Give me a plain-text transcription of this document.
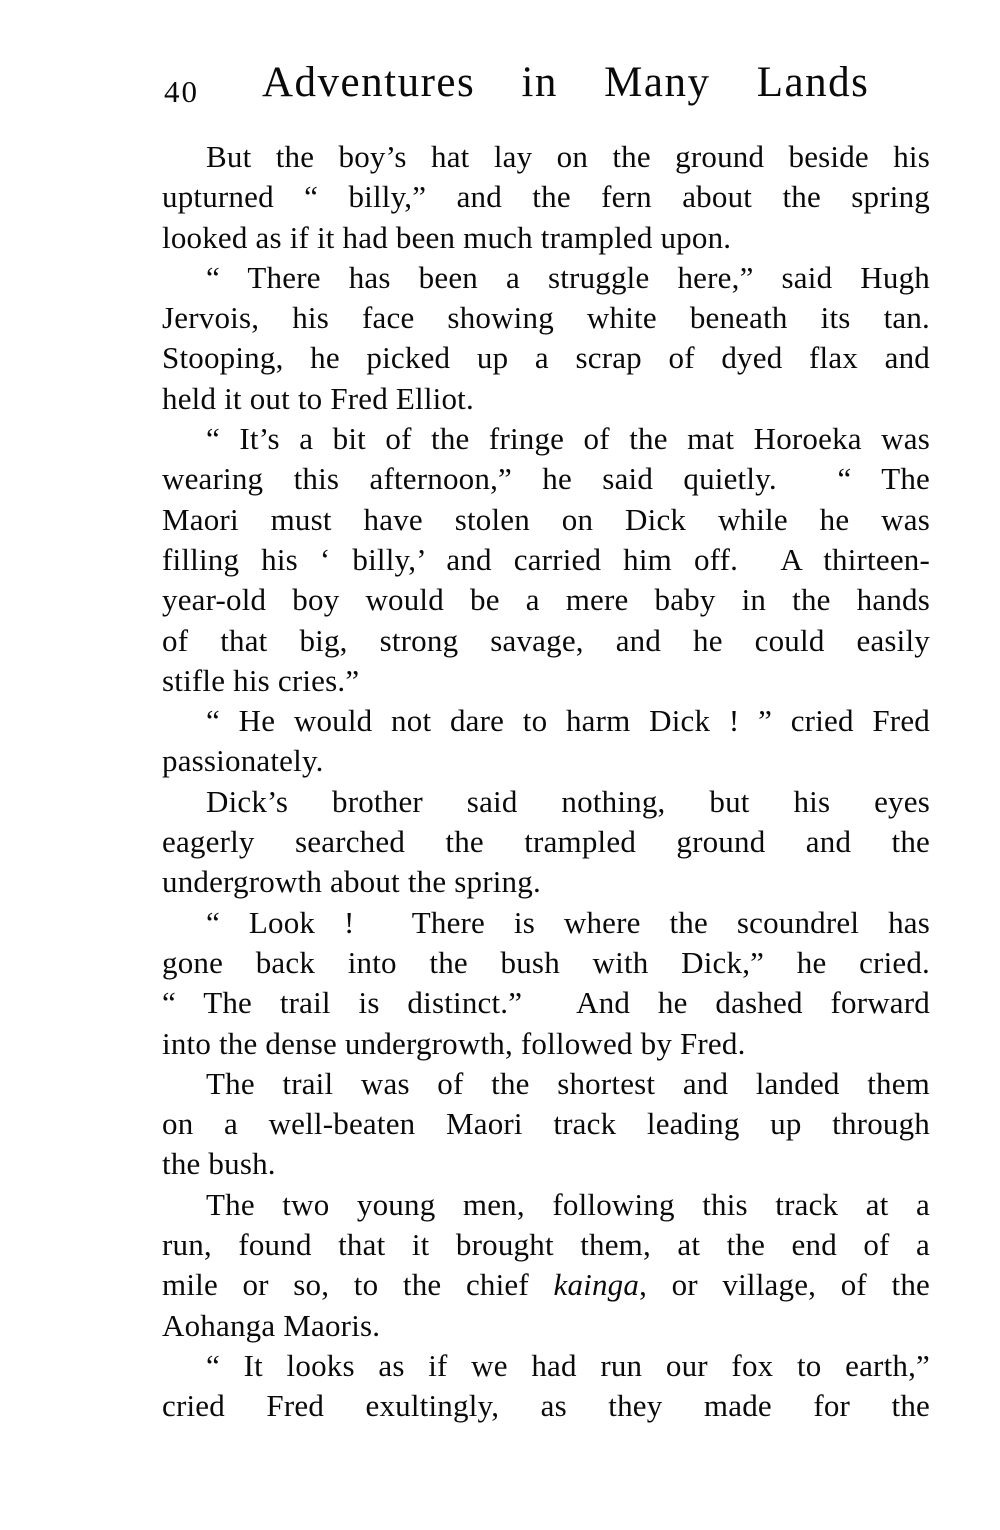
40 Adventures in Many Lands
But the boy’s hat lay on the ground beside his
upturned “ billy,” and the fern about the spring
looked as if it had been much trampled upon.
“ There has been a struggle here,” said Hugh
Jervois, his face showing white beneath its tan.
Stooping, he picked up a scrap of dyed flax and
held it out to Fred Elliot.
“ It’s a bit of the fringe of the mat Horoeka was
wearing this afternoon,” he said quietly.  “ The
Maori must have stolen on Dick while he was
filling his ‘ billy,’ and carried him off.  A thirteen-
year-old boy would be a mere baby in the hands
of that big, strong savage, and he could easily
stifle his cries.”
“ He would not dare to harm Dick ! ” cried Fred
passionately.
Dick’s brother said nothing, but his eyes
eagerly searched the trampled ground and the
undergrowth about the spring.
“ Look !  There is where the scoundrel has
gone back into the bush with Dick,” he cried.
“ The trail is distinct.”  And he dashed forward
into the dense undergrowth, followed by Fred.
The trail was of the shortest and landed them
on a well-beaten Maori track leading up through
the bush.
The two young men, following this track at a
run, found that it brought them, at the end of a
mile or so, to the chief kainga, or village, of the
Aohanga Maoris.
“ It looks as if we had run our fox to earth,”
cried Fred exultingly, as they made for the
